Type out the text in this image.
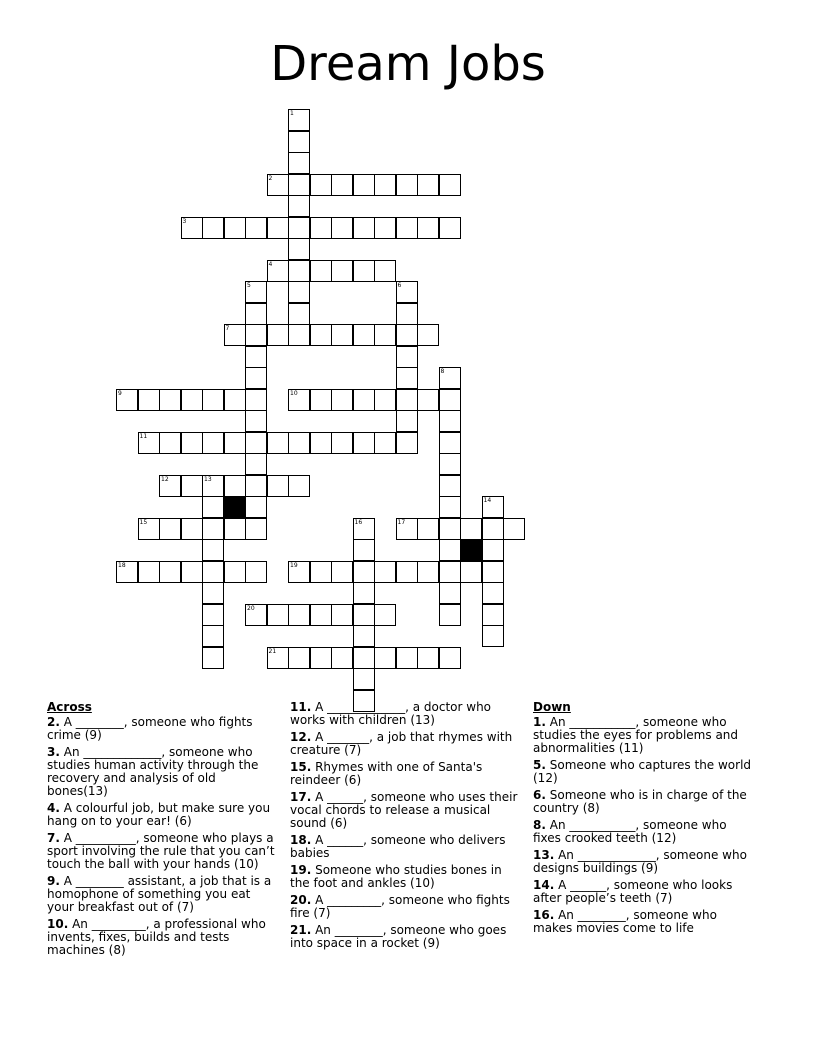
Dream Jobs
1
2
3
4
5	6
7
8
9	10
11
12	13
14
15	16	17
18	19
20
21
Across
2. A ________, someone who fights crime (9)
3. An _____________, someone who studies human activity through the recovery and analysis of old bones(13)
4. A colourful job, but make sure you hang on to your ear! (6)
7. A __________, someone who plays a sport involving the rule that you can’t touch the ball with your hands (10)
9. A ________ assistant, a job that is a homophone of something you eat your breakfast out of (7)
10. An _________, a professional who invents, fixes, builds and tests machines (8)
11. A _____________, a doctor who works with children (13)
12. A _______, a job that rhymes with creature (7)
15. Rhymes with one of Santa's reindeer (6)
17. A ______, someone who uses their vocal chords to release a musical sound (6)
18. A ______, someone who delivers babies
19. Someone who studies bones in the foot and ankles (10)
20. A _________, someone who fights fire (7)
21. An ________, someone who goes into space in a rocket (9)
Down
1. An ___________, someone who studies the eyes for problems and abnormalities (11)
5. Someone who captures the world (12)
6. Someone who is in charge of the country (8)
8. An ___________, someone who fixes crooked teeth (12)
13. An _____________, someone who designs buildings (9)
14. A ______, someone who looks after people’s teeth (7)
16. An ________, someone who makes movies come to life
